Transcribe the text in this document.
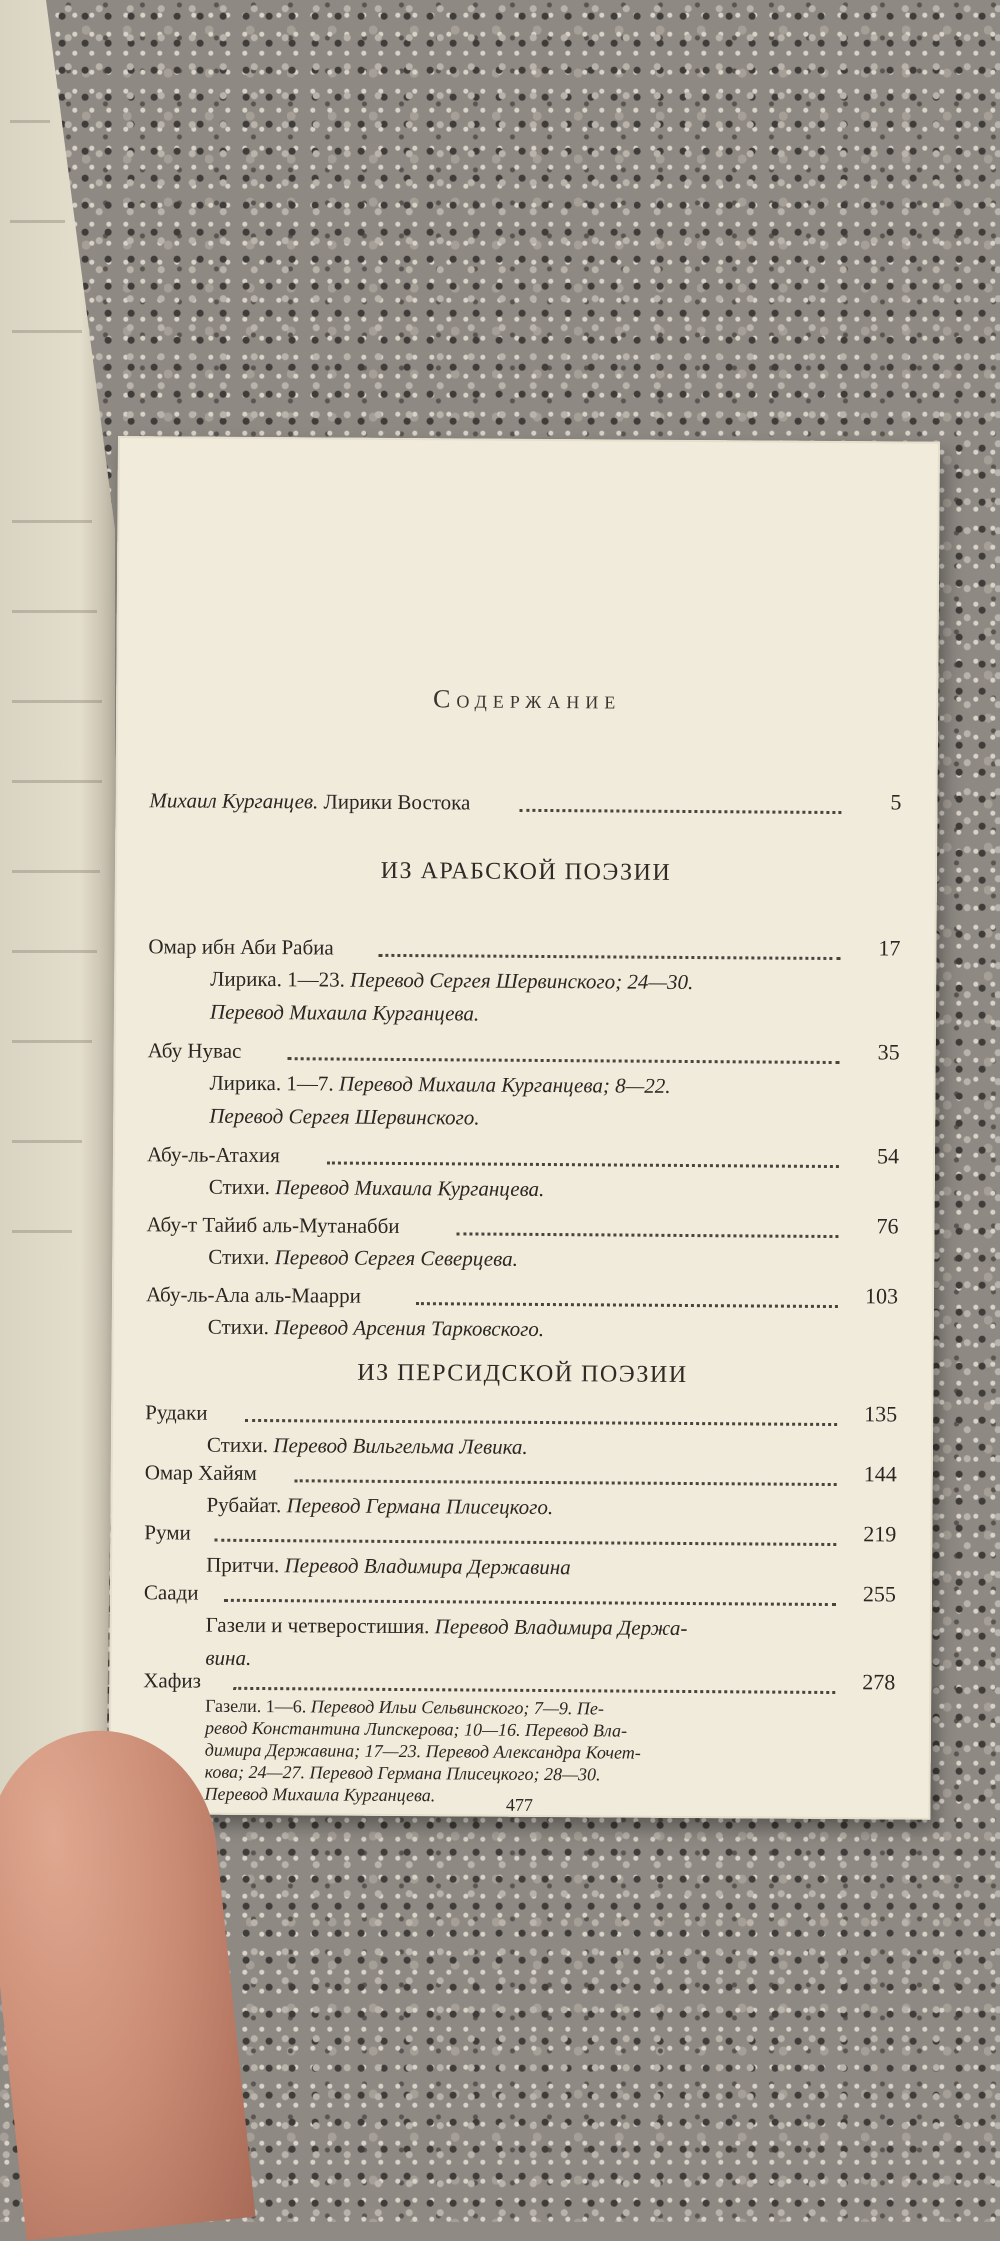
Содержание
Михаил Курганцев. Лирики Востока	5
ИЗ АРАБСКОЙ ПОЭЗИИ
Омар ибн Аби Рабиа	17
Лирика. 1—23. Перевод Сергея Шервинского; 24—30.
Перевод Михаила Курганцева.
Абу Нувас	35
Лирика. 1—7. Перевод Михаила Курганцева; 8—22.
Перевод Сергея Шервинского.
Абу-ль-Атахия	54
Стихи. Перевод Михаила Курганцева.
Абу-т Тайиб аль-Мутанабби	76
Стихи. Перевод Сергея Северцева.
Абу-ль-Ала аль-Маарри	103
Стихи. Перевод Арсения Тарковского.
ИЗ ПЕРСИДСКОЙ ПОЭЗИИ
Рудаки	135
Стихи. Перевод Вильгельма Левика.
Омар Хайям	144
Рубайат. Перевод Германа Плисецкого.
Руми	219
Притчи. Перевод Владимира Державина
Саади	255
Газели и четверостишия. Перевод Владимира Держа-
вина.
Хафиз	278
Газели. 1—6. Перевод Ильи Сельвинского; 7—9. Пе-
ревод Константина Липскерова; 10—16. Перевод Вла-
димира Державина; 17—23. Перевод Александра Кочет-
кова; 24—27. Перевод Германа Плисецкого; 28—30.
Перевод Михаила Курганцева.	477
